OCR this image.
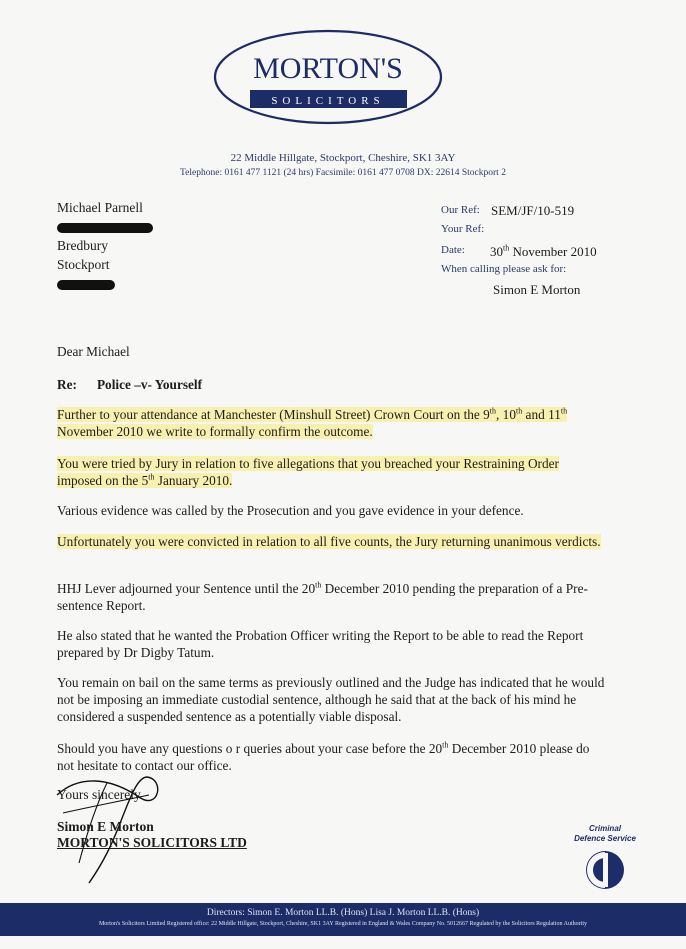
MORTON'S
SOLICITORS
22 Middle Hillgate, Stockport, Cheshire, SK1 3AY
Telephone: 0161 477 1121 (24 hrs) Facsimile: 0161 477 0708 DX: 22614 Stockport 2
Michael Parnell
Bredbury
Stockport
Our Ref: SEM/JF/10-519
Your Ref:
Date: 30th November 2010
When calling please ask for:
Simon E Morton

Dear Michael

Re: Police –v- Yourself

Further to your attendance at Manchester (Minshull Street) Crown Court on the 9th, 10th and 11th November 2010 we write to formally confirm the outcome.

You were tried by Jury in relation to five allegations that you breached your Restraining Order imposed on the 5th January 2010.

Various evidence was called by the Prosecution and you gave evidence in your defence.

Unfortunately you were convicted in relation to all five counts, the Jury returning unanimous verdicts.

HHJ Lever adjourned your Sentence until the 20th December 2010 pending the preparation of a Pre-sentence Report.

He also stated that he wanted the Probation Officer writing the Report to be able to read the Report prepared by Dr Digby Tatum.

You remain on bail on the same terms as previously outlined and the Judge has indicated that he would not be imposing an immediate custodial sentence, although he said that at the back of his mind he considered a suspended sentence as a potentially viable disposal.

Should you have any questions o r queries about your case before the 20th December 2010 please do not hesitate to contact our office.

Yours sincerely
Simon E Morton
MORTON'S SOLICITORS LTD
Criminal
Defence Service
Directors: Simon E. Morton LL.B. (Hons) Lisa J. Morton LL.B. (Hons)
Morton's Solicitors Limited Registered office: 22 Middle Hillgate, Stockport, Cheshire, SK1 3AY Registered in England & Wales Company No. 5012667 Regulated by the Solicitors Regulation Authority
